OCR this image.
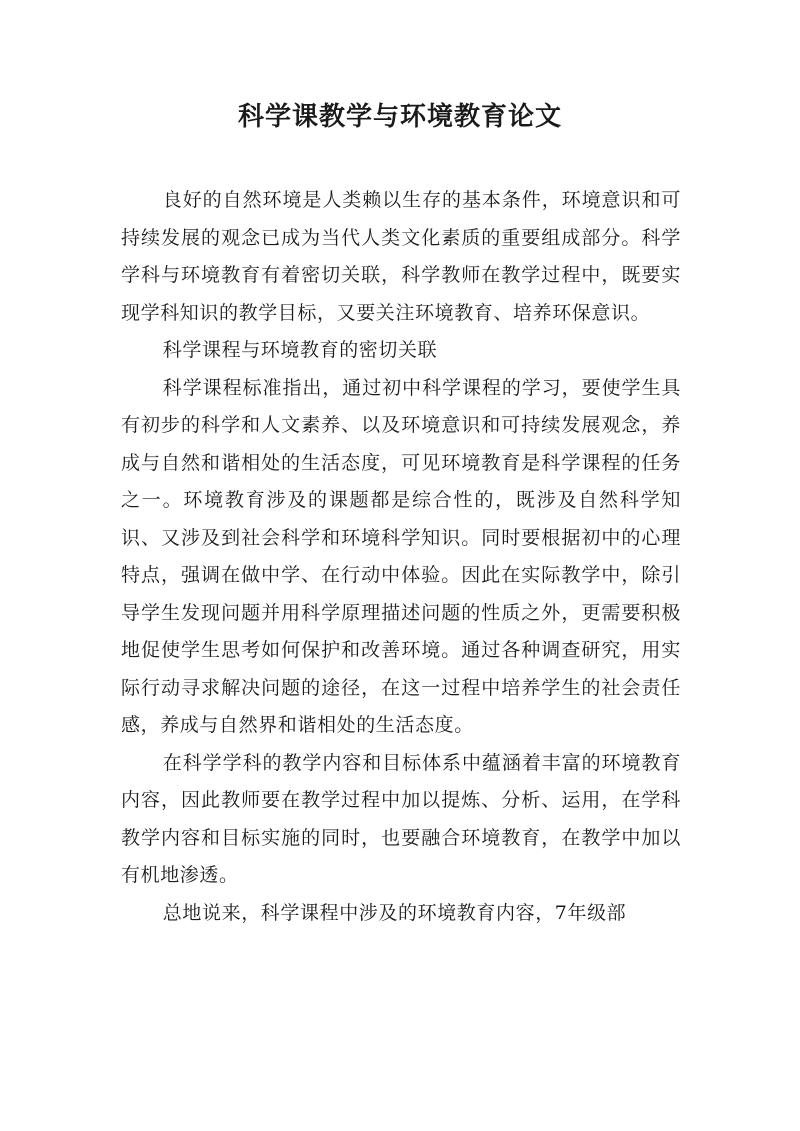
科学课教学与环境教育论文

良好的自然环境是人类赖以生存的基本条件，环境意识和可持续发展的观念已成为当代人类文化素质的重要组成部分。科学学科与环境教育有着密切关联，科学教师在教学过程中，既要实现学科知识的教学目标，又要关注环境教育、培养环保意识。

科学课程与环境教育的密切关联

科学课程标准指出，通过初中科学课程的学习，要使学生具有初步的科学和人文素养、以及环境意识和可持续发展观念，养成与自然和谐相处的生活态度，可见环境教育是科学课程的任务之一。环境教育涉及的课题都是综合性的，既涉及自然科学知识、又涉及到社会科学和环境科学知识。同时要根据初中的心理特点，强调在做中学、在行动中体验。因此在实际教学中，除引导学生发现问题并用科学原理描述问题的性质之外，更需要积极地促使学生思考如何保护和改善环境。通过各种调查研究，用实际行动寻求解决问题的途径，在这一过程中培养学生的社会责任感，养成与自然界和谐相处的生活态度。

在科学学科的教学内容和目标体系中蕴涵着丰富的环境教育内容，因此教师要在教学过程中加以提炼、分析、运用，在学科教学内容和目标实施的同时，也要融合环境教育，在教学中加以有机地渗透。

总地说来，科学课程中涉及的环境教育内容，7年级部
